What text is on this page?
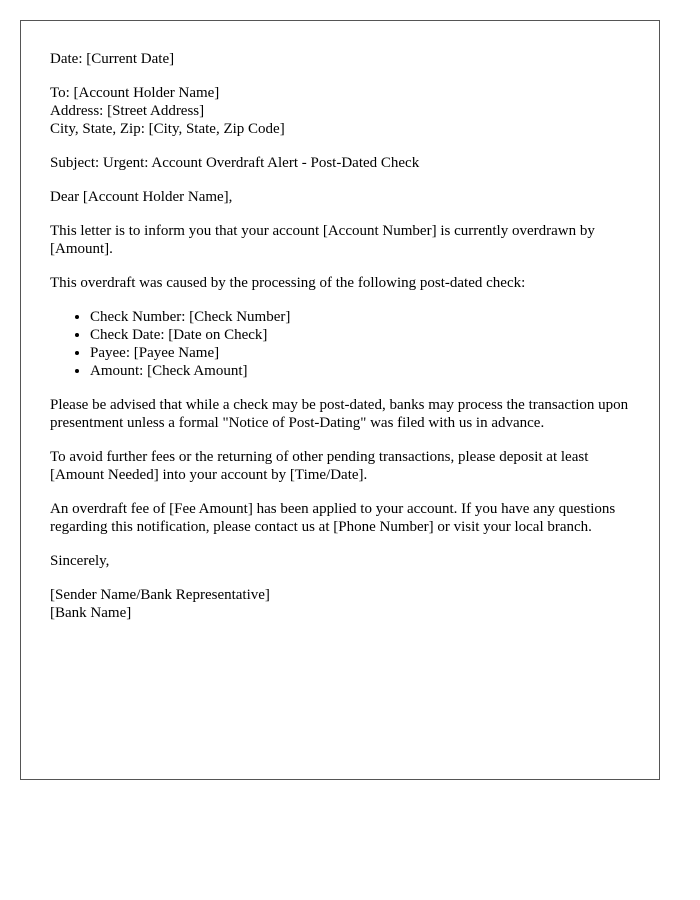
Date: [Current Date]

To: [Account Holder Name]

Address: [Street Address]

City, State, Zip: [City, State, Zip Code]

Subject: Urgent: Account Overdraft Alert - Post-Dated Check

Dear [Account Holder Name],

This letter is to inform you that your account [Account Number] is currently overdrawn by [Amount].

This overdraft was caused by the processing of the following post-dated check:

• Check Number: [Check Number]
• Check Date: [Date on Check]
• Payee: [Payee Name]
• Amount: [Check Amount]

Please be advised that while a check may be post-dated, banks may process the transaction upon presentment unless a formal "Notice of Post-Dating" was filed with us in advance.

To avoid further fees or the returning of other pending transactions, please deposit at least [Amount Needed] into your account by [Time/Date].

An overdraft fee of [Fee Amount] has been applied to your account. If you have any questions regarding this notification, please contact us at [Phone Number] or visit your local branch.

Sincerely,

[Sender Name/Bank Representative]

[Bank Name]
